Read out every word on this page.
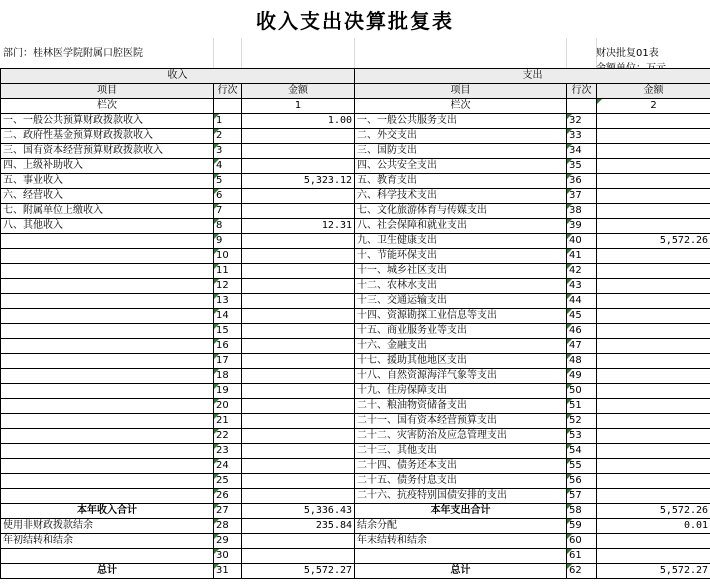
收入支出决算批复表
部门：桂林医学院附属口腔医院	财决批复01表
收入			支出		
项目	行次	金额	项目	行次	金额
栏次		1	栏次		2
一、一般公共预算财政拨款收入	1	1.00	一、一般公共服务支出	32	
二、政府性基金预算财政拨款收入	2		二、外交支出	33	
三、国有资本经营预算财政拨款收入	3		三、国防支出	34	
四、上级补助收入	4		四、公共安全支出	35	
五、事业收入	5	5,323.12	五、教育支出	36	
六、经营收入	6		六、科学技术支出	37	
七、附属单位上缴收入	7		七、文化旅游体育与传媒支出	38	
八、其他收入	8	12.31	八、社会保障和就业支出	39	
	9		九、卫生健康支出	40	5,572.26
	10		十、节能环保支出	41	
	11		十一、城乡社区支出	42	
	12		十二、农林水支出	43	
	13		十三、交通运输支出	44	
	14		十四、资源勘探工业信息等支出	45	
	15		十五、商业服务业等支出	46	
	16		十六、金融支出	47	
	17		十七、援助其他地区支出	48	
	18		十八、自然资源海洋气象等支出	49	
	19		十九、住房保障支出	50	
	20		二十、粮油物资储备支出	51	
	21		二十一、国有资本经营预算支出	52	
	22		二十二、灾害防治及应急管理支出	53	
	23		二十三、其他支出	54	
	24		二十四、债务还本支出	55	
	25		二十五、债务付息支出	56	
	26		二十六、抗疫特别国债安排的支出	57	
本年收入合计	27	5,336.43	本年支出合计	58	5,572.26
使用非财政拨款结余	28	235.84	结余分配	59	0.01
年初结转和结余	29		年末结转和结余	60	
	30			61	
总计	31	5,572.27	总计	62	5,572.27
